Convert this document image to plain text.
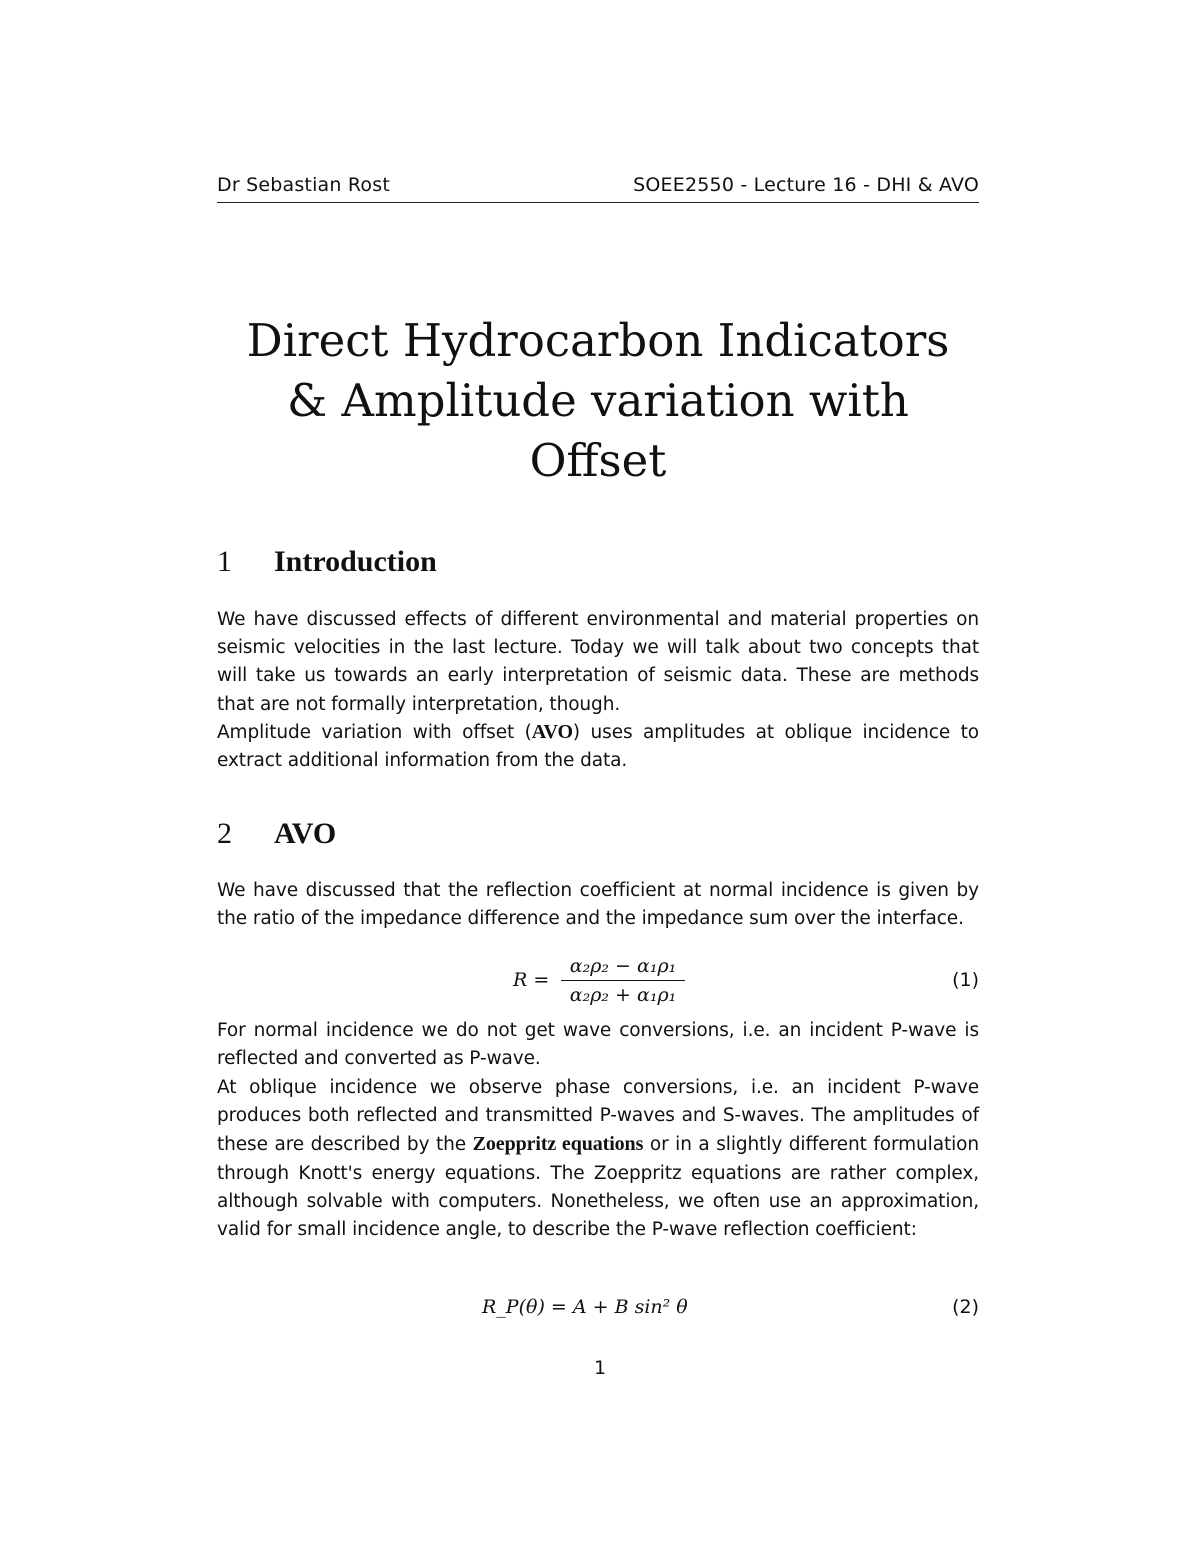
Dr Sebastian Rost	SOEE2550 - Lecture 16 - DHI & AVO
Direct Hydrocarbon Indicators
& Amplitude variation with
Offset
1 Introduction

We have discussed effects of different environmental and material properties on seismic velocities in the last lecture. Today we will talk about two concepts that will take us towards an early interpretation of seismic data. These are methods that are not formally interpretation, though.

Amplitude variation with offset (AVO) uses amplitudes at oblique incidence to extract additional information from the data.

2 AVO

We have discussed that the reflection coefficient at normal incidence is given by the ratio of the impedance difference and the impedance sum over the interface.

R =
α₂ρ₂ − α₁ρ₁
α₂ρ₂ + α₁ρ₁
(1)

For normal incidence we do not get wave conversions, i.e. an incident P-wave is reflected and converted as P-wave.

At oblique incidence we observe phase conversions, i.e. an incident P-wave produces both reflected and transmitted P-waves and S-waves. The amplitudes of these are described by the Zoeppritz equations or in a slightly different formulation through Knott's energy equations. The Zoeppritz equations are rather complex, although solvable with computers. Nonetheless, we often use an approximation, valid for small incidence angle, to describe the P-wave reflection coefficient:

R_P(θ) = A + B sin² θ	(2)
1
